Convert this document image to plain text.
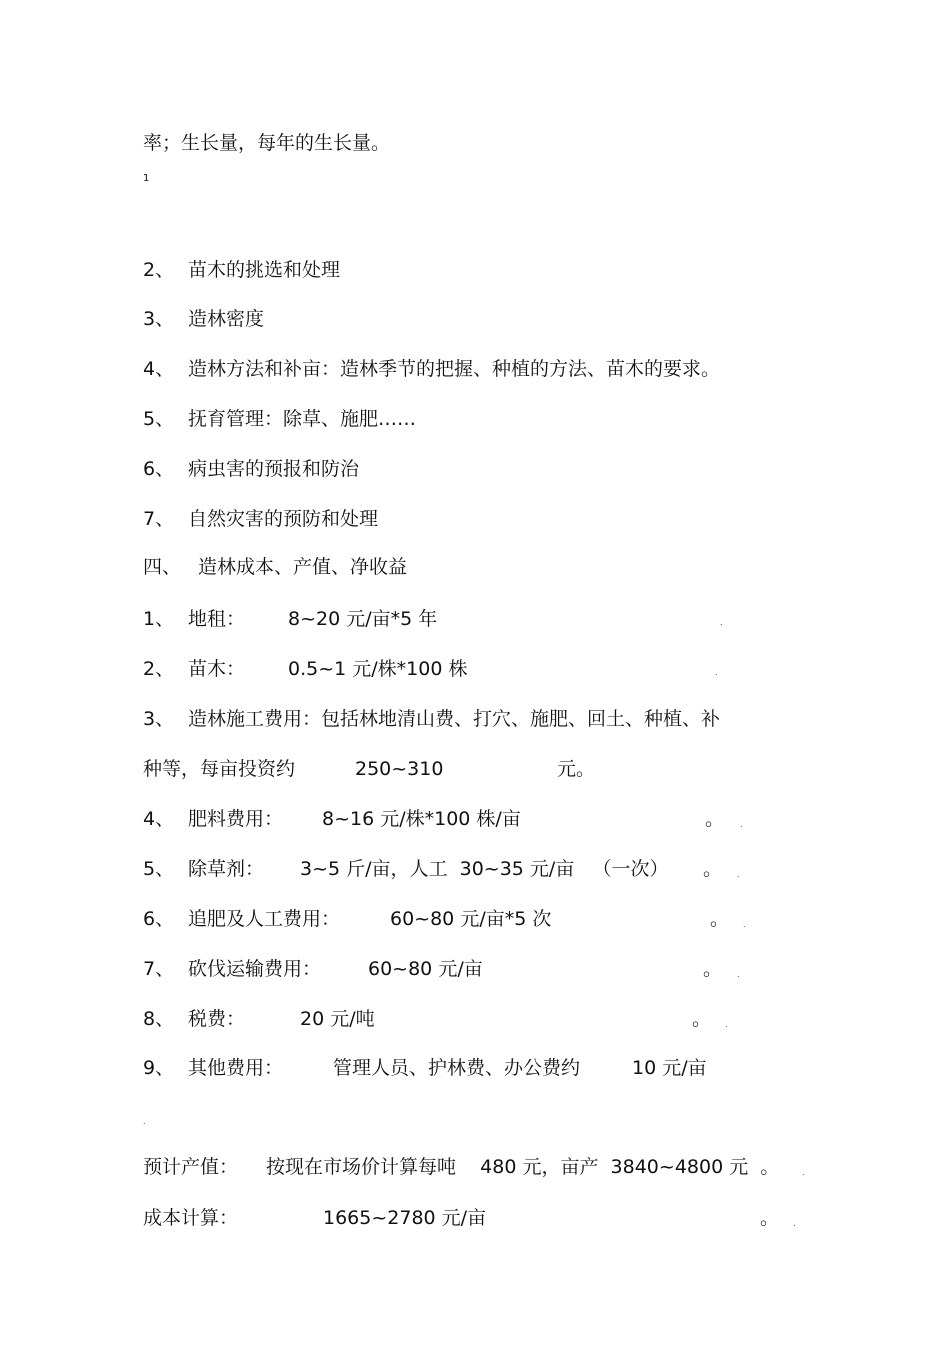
率；生长量，每年的生长量。
1
2、 苗木的挑选和处理
3、 造林密度
4、 造林方法和补亩：造林季节的把握、种植的方法、苗木的要求。
5、 抚育管理：除草、施肥……
6、 病虫害的预报和防治
7、 自然灾害的预防和处理
四、 造林成本、产值、净收益
1、 地租： 8~20 元/亩*5 年	.
2、 苗木： 0.5~1 元/株*100 株	.
3、 造林施工费用：包括林地清山费、打穴、施肥、回土、种植、补
种等，每亩投资约	250~310	元。
4、 肥料费用： 8~16 元/株*100 株/亩	。 .
5、 除草剂： 3~5 斤/亩，人工  30~35 元/亩   （一次） 。 .
6、 追肥及人工费用：	60~80 元/亩*5 次	。 .
7、 砍伐运输费用： 60~80 元/亩	。 .
8、 税费：	20 元/吨	。 .
9、 其他费用：	管理人员、护林费、办公费约	10 元/亩
.
预计产值： 按现在市场价计算每吨    480 元，亩产  3840~4800 元  。	.
成本计算：	1665~2780 元/亩	。 .
